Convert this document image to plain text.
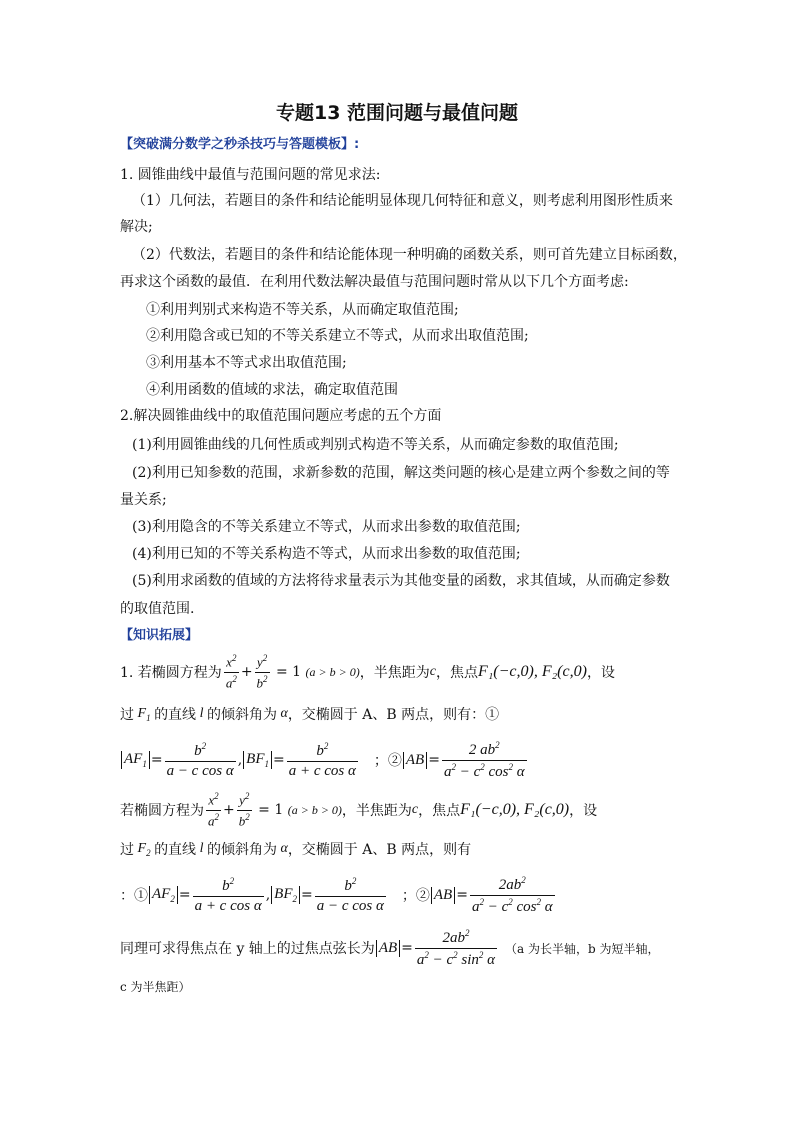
专题13 范围问题与最值问题
【突破满分数学之秒杀技巧与答题模板】:
1. 圆锥曲线中最值与范围问题的常见求法:
（1）几何法，若题目的条件和结论能明显体现几何特征和意义，则考虑利用图形性质来
解决;
（2）代数法，若题目的条件和结论能体现一种明确的函数关系，则可首先建立目标函数，
再求这个函数的最值．在利用代数法解决最值与范围问题时常从以下几个方面考虑:
①利用判别式来构造不等关系，从而确定取值范围;
②利用隐含或已知的不等关系建立不等式，从而求出取值范围;
③利用基本不等式求出取值范围;
④利用函数的值域的求法，确定取值范围
2.解决圆锥曲线中的取值范围问题应考虑的五个方面
(1)利用圆锥曲线的几何性质或判别式构造不等关系，从而确定参数的取值范围;
(2)利用已知参数的范围，求新参数的范围，解这类问题的核心是建立两个参数之间的等
量关系;
(3)利用隐含的不等关系建立不等式，从而求出参数的取值范围;
(4)利用已知的不等关系构造不等式，从而求出参数的取值范围;
(5)利用求函数的值域的方法将待求量表示为其他变量的函数，求其值域，从而确定参数
的取值范围.
【知识拓展】
1. 若椭圆方程为 $\frac{x^2}{a^2} + \frac{y^2}{b^2} = 1$ (a > b > 0) ，半焦距为 c ，焦点 F₁(−c,0), F₂(c,0) ，设
过 $F_1$ 的直线 l 的倾斜角为 α ，交椭圆于 A、B 两点，则有：①
$AF_1 = \frac{b^2}{\text{a − c cos α}}$ , $BF_1 = \frac{b^2}{\text{a + c cos α}}$ ；② AB = $\frac{2 ab^2}{a^2 - c^2 \cos^2 \alpha}$
若椭圆方程为 $\frac{x^2}{a^2} + \frac{y^2}{b^2} = 1$ (a > b > 0) ，半焦距为 c ，焦点 F₁(−c,0), F₂(c,0) ，设
过 $F_2$ 的直线 l 的倾斜角为 α ，交椭圆于 A、B 两点，则有
：① $AF_2 = \frac{b^2}{\text{a + c cos α}}$ , $BF_2 = \frac{b^2}{\text{a − c cos α}}$ ；② AB = $\frac{2ab^2}{a^2 - c^2 \cos^2 \alpha}$
同理可求得焦点在 y 轴上的过焦点弦长为 AB = $\frac{2ab^2}{a^2 - c^2 \sin^2 \alpha} (a$ 为长半轴，b 为短半轴，
c 为半焦距）
